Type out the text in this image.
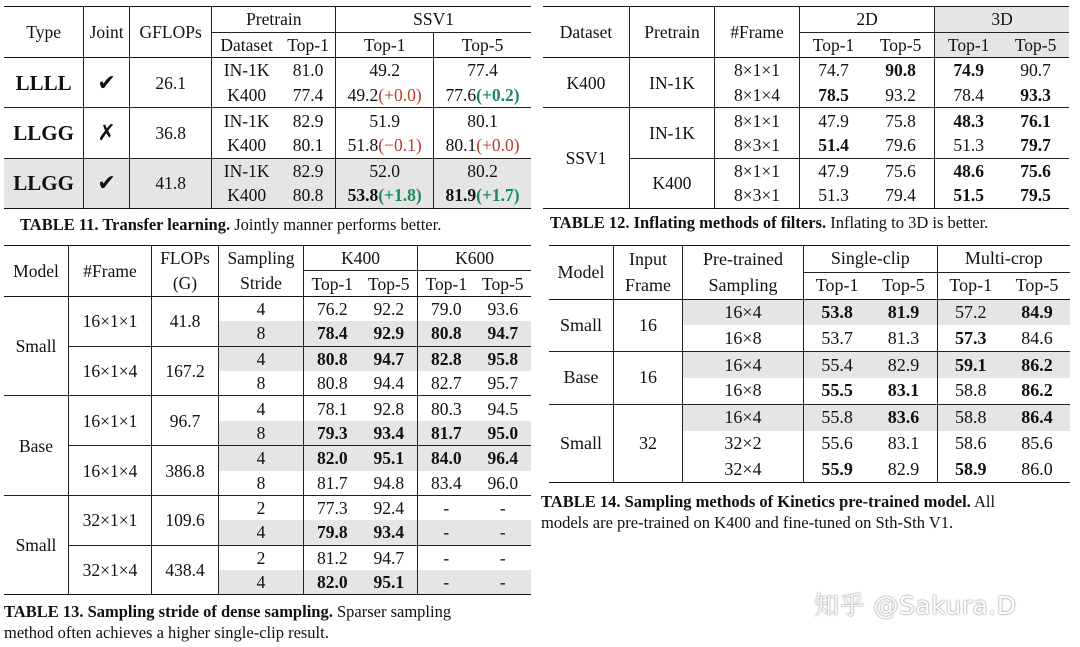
Type	Joint	GFLOPs	Pretrain		SSV1	
			Dataset	Top-1	Top-1	Top-5
LLLL	✔	26.1	IN-1K	81.0	49.2	77.4
			K400	77.4	49.2(+0.0)	77.6(+0.2)
LLGG	✗	36.8	IN-1K	82.9	51.9	80.1
			K400	80.1	51.8(−0.1)	80.1(+0.0)
LLGG	✔	41.8	IN-1K	82.9	52.0	80.2
			K400	80.8	53.8(+1.8)	81.9(+1.7)
TABLE 11. Transfer learning. Jointly manner performs better.
Dataset	Pretrain	#Frame	2D		3D	
			Top-1	Top-5	Top-1	Top-5
K400	IN-1K	8×1×1	74.7	90.8	74.9	90.7
		8×1×4	78.5	93.2	78.4	93.3
SSV1	IN-1K	8×1×1	47.9	75.8	48.3	76.1
		8×3×1	51.4	79.6	51.3	79.7
	K400	8×1×1	47.9	75.6	48.6	75.6
		8×3×1	51.3	79.4	51.5	79.5
TABLE 12. Inflating methods of filters. Inflating to 3D is better.
Model	#Frame	FLOPs	Sampling	K400		K600	
		(G)	Stride	Top-1	Top-5	Top-1	Top-5
Small	16×1×1	41.8	4	76.2	92.2	79.0	93.6
			8	78.4	92.9	80.8	94.7
	16×1×4	167.2	4	80.8	94.7	82.8	95.8
			8	80.8	94.4	82.7	95.7
Base	16×1×1	96.7	4	78.1	92.8	80.3	94.5
			8	79.3	93.4	81.7	95.0
	16×1×4	386.8	4	82.0	95.1	84.0	96.4
			8	81.7	94.8	83.4	96.0
Small	32×1×1	109.6	2	77.3	92.4	-	-
			4	79.8	93.4	-	-
	32×1×4	438.4	2	81.2	94.7	-	-
			4	82.0	95.1	-	-
TABLE 13. Sampling stride of dense sampling. Sparser sampling
method often achieves a higher single-clip result.
Model	Input	Pre-trained	Single-clip		Multi-crop	
	Frame	Sampling	Top-1	Top-5	Top-1	Top-5
Small	16	16×4	53.8	81.9	57.2	84.9
		16×8	53.7	81.3	57.3	84.6
Base	16	16×4	55.4	82.9	59.1	86.2
		16×8	55.5	83.1	58.8	86.2
Small	32	16×4	55.8	83.6	58.8	86.4
		32×2	55.6	83.1	58.6	85.6
		32×4	55.9	82.9	58.9	86.0
TABLE 14. Sampling methods of Kinetics pre-trained model. All
models are pre-trained on K400 and fine-tuned on Sth-Sth V1.
知乎 @Sakura.D
